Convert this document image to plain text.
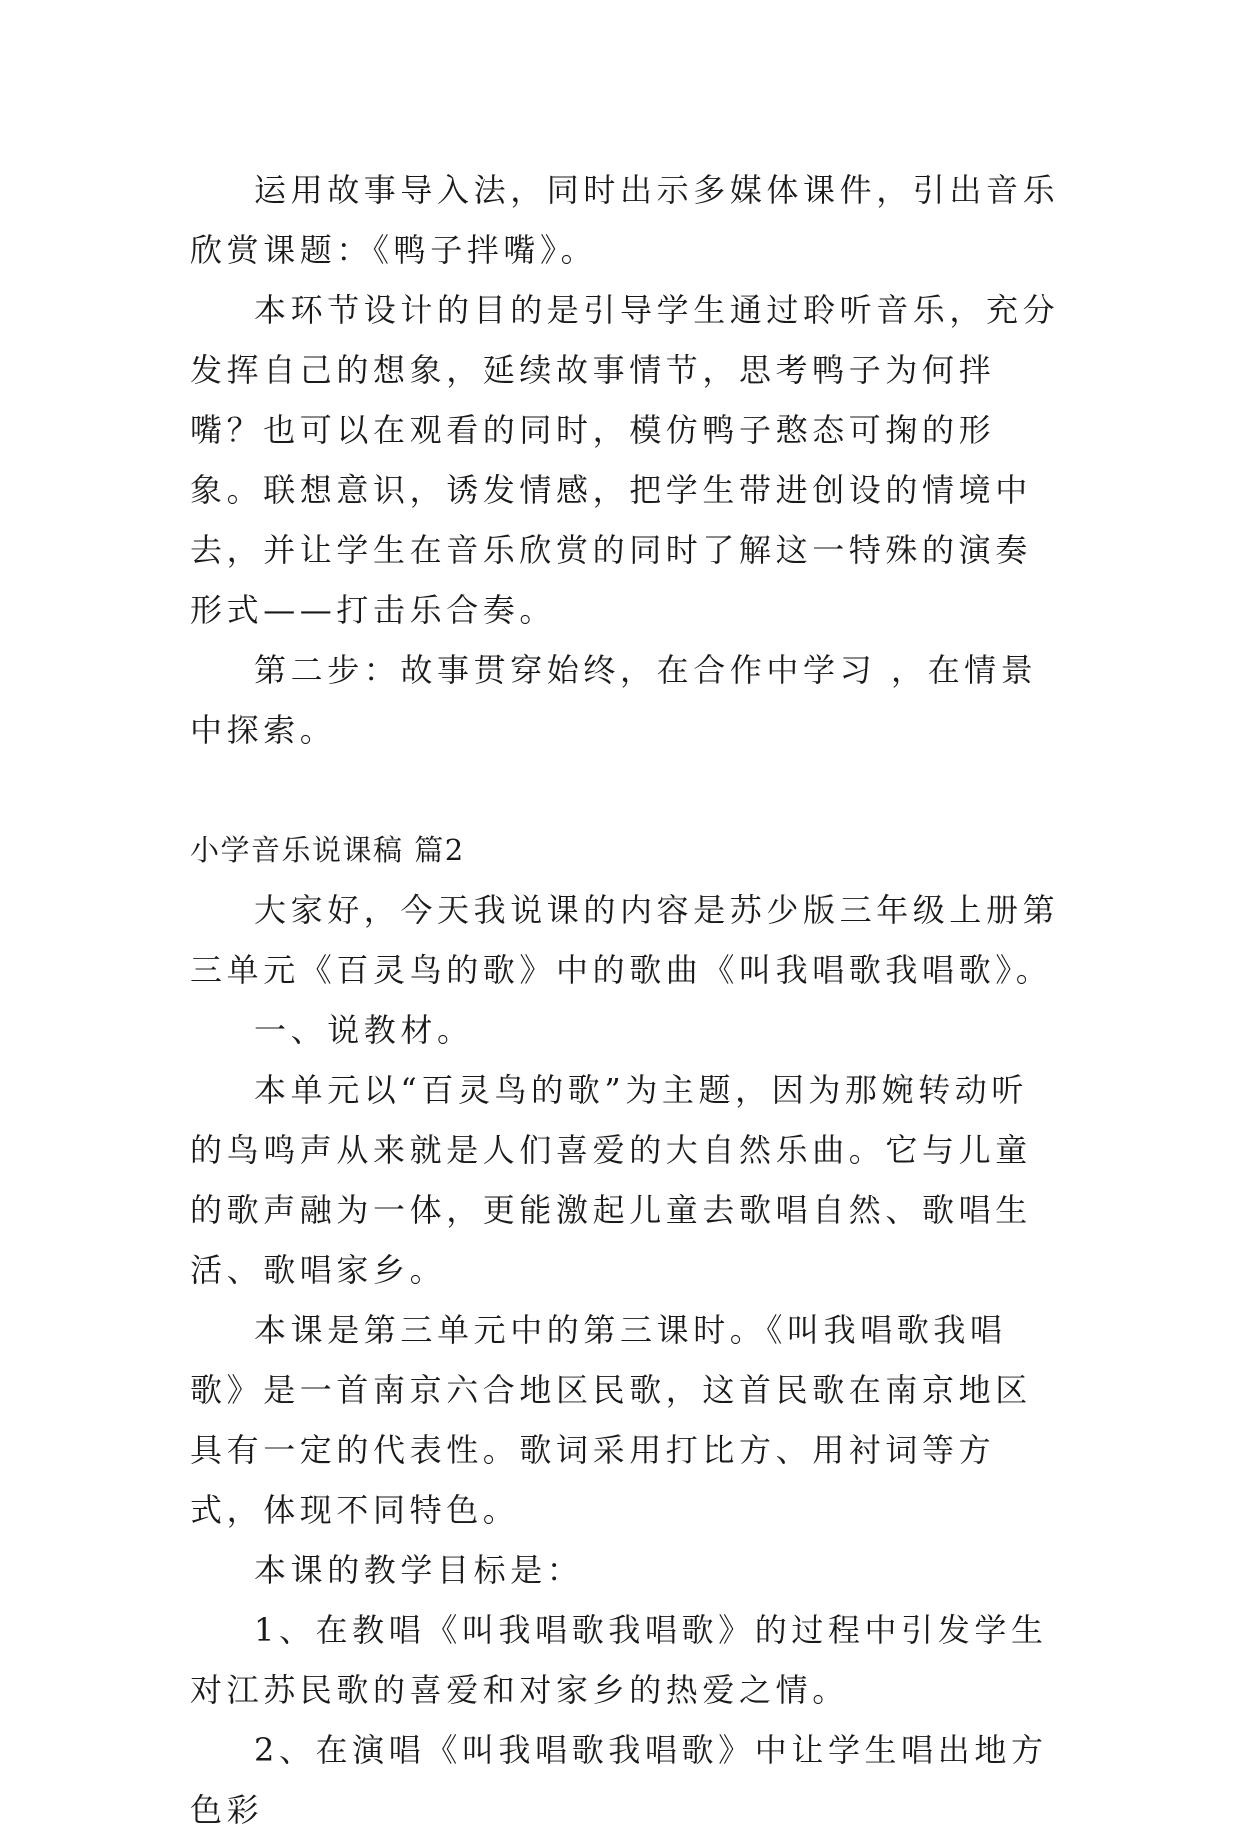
运用故事导入法，同时出示多媒体课件，引出音乐欣赏课题：《鸭子拌嘴》。

本环节设计的目的是引导学生通过聆听音乐，充分发挥自己的想象，延续故事情节，思考鸭子为何拌嘴？也可以在观看的同时，模仿鸭子憨态可掬的形象。联想意识，诱发情感，把学生带进创设的情境中去，并让学生在音乐欣赏的同时了解这一特殊的演奏形式——打击乐合奏。

第二步：故事贯穿始终，在合作中学习 ，在情景中探索。

小学音乐说课稿 篇2

大家好，今天我说课的内容是苏少版三年级上册第三单元《百灵鸟的歌》中的歌曲《叫我唱歌我唱歌》。

一、说教材。

本单元以“百灵鸟的歌”为主题，因为那婉转动听的鸟鸣声从来就是人们喜爱的大自然乐曲。它与儿童的歌声融为一体，更能激起儿童去歌唱自然、歌唱生活、歌唱家乡。

本课是第三单元中的第三课时。《叫我唱歌我唱歌》是一首南京六合地区民歌，这首民歌在南京地区具有一定的代表性。歌词采用打比方、用衬词等方式，体现不同特色。

本课的教学目标是：

1、在教唱《叫我唱歌我唱歌》的过程中引发学生对江苏民歌的喜爱和对家乡的热爱之情。

2、在演唱《叫我唱歌我唱歌》中让学生唱出地方色彩
